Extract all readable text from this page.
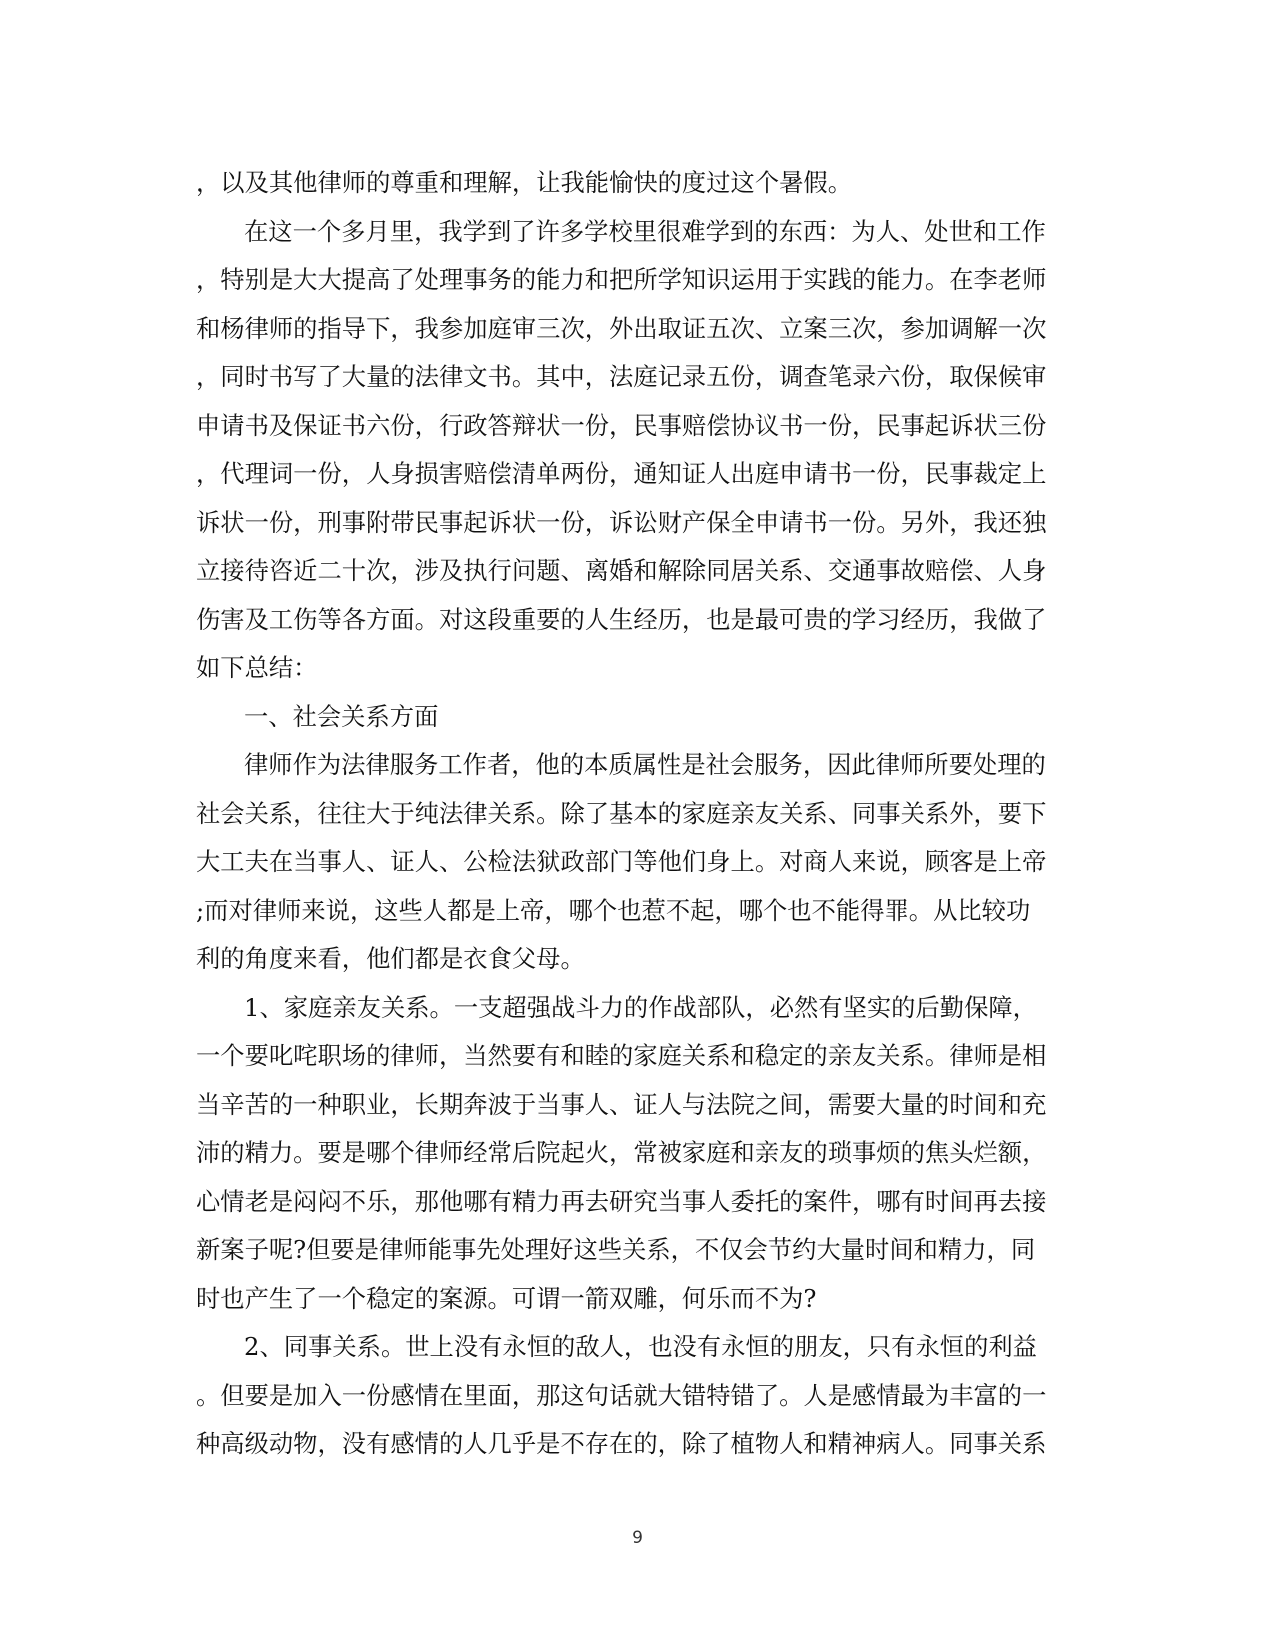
，以及其他律师的尊重和理解，让我能愉快的度过这个暑假。
在这一个多月里，我学到了许多学校里很难学到的东西：为人、处世和工作
，特别是大大提高了处理事务的能力和把所学知识运用于实践的能力。在李老师
和杨律师的指导下，我参加庭审三次，外出取证五次、立案三次，参加调解一次
，同时书写了大量的法律文书。其中，法庭记录五份，调查笔录六份，取保候审
申请书及保证书六份，行政答辩状一份，民事赔偿协议书一份，民事起诉状三份
，代理词一份，人身损害赔偿清单两份，通知证人出庭申请书一份，民事裁定上
诉状一份，刑事附带民事起诉状一份，诉讼财产保全申请书一份。另外，我还独
立接待咨近二十次，涉及执行问题、离婚和解除同居关系、交通事故赔偿、人身
伤害及工伤等各方面。对这段重要的人生经历，也是最可贵的学习经历，我做了
如下总结：
一、社会关系方面
律师作为法律服务工作者，他的本质属性是社会服务，因此律师所要处理的
社会关系，往往大于纯法律关系。除了基本的家庭亲友关系、同事关系外，要下
大工夫在当事人、证人、公检法狱政部门等他们身上。对商人来说，顾客是上帝
;而对律师来说，这些人都是上帝，哪个也惹不起，哪个也不能得罪。从比较功
利的角度来看，他们都是衣食父母。
1、家庭亲友关系。一支超强战斗力的作战部队，必然有坚实的后勤保障，
一个要叱咤职场的律师，当然要有和睦的家庭关系和稳定的亲友关系。律师是相
当辛苦的一种职业，长期奔波于当事人、证人与法院之间，需要大量的时间和充
沛的精力。要是哪个律师经常后院起火，常被家庭和亲友的琐事烦的焦头烂额，
心情老是闷闷不乐，那他哪有精力再去研究当事人委托的案件，哪有时间再去接
新案子呢?但要是律师能事先处理好这些关系，不仅会节约大量时间和精力，同
时也产生了一个稳定的案源。可谓一箭双雕，何乐而不为?
2、同事关系。世上没有永恒的敌人，也没有永恒的朋友，只有永恒的利益
。但要是加入一份感情在里面，那这句话就大错特错了。人是感情最为丰富的一
种高级动物，没有感情的人几乎是不存在的，除了植物人和精神病人。同事关系
9
